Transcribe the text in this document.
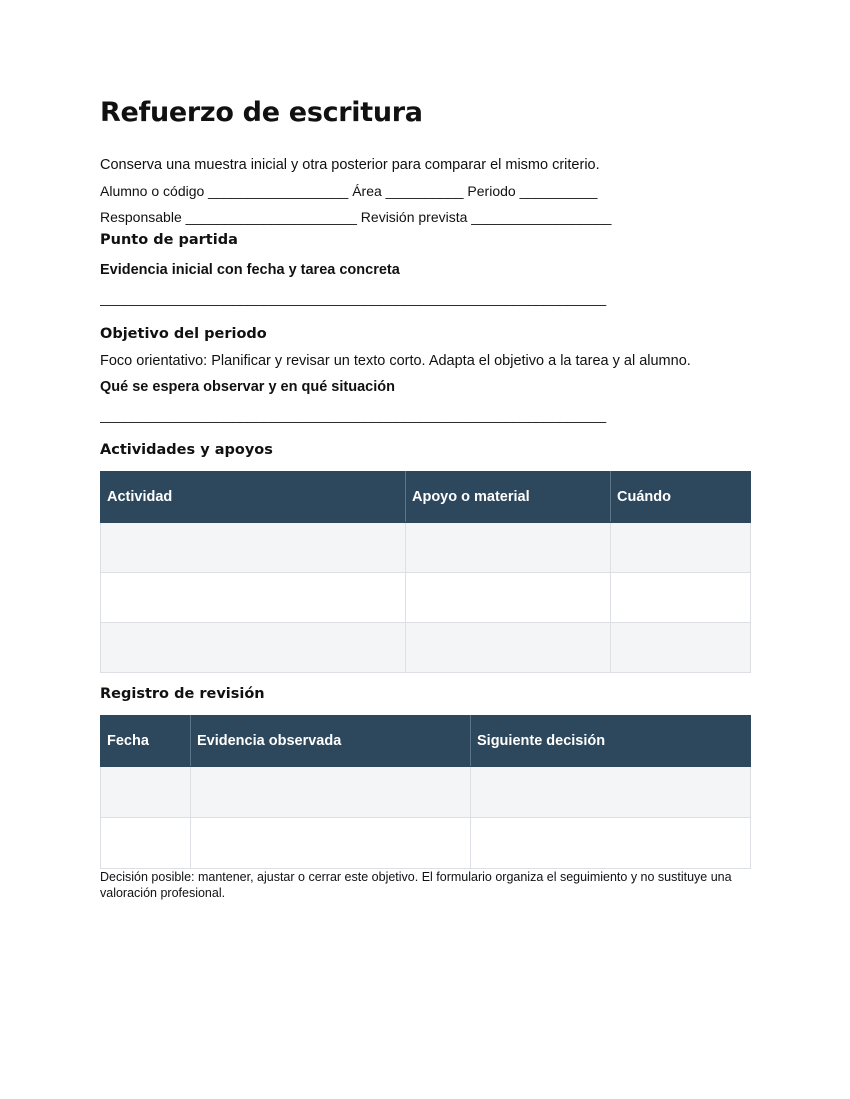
Refuerzo de escritura

Conserva una muestra inicial y otra posterior para comparar el mismo criterio.

Alumno o código __________________ Área __________ Periodo __________
Responsable ______________________ Revisión prevista __________________
Punto de partida
Evidencia inicial con fecha y tarea concreta

_________________________________________________________________

Objetivo del periodo

Foco orientativo: Planificar y revisar un texto corto. Adapta el objetivo a la tarea y al alumno.

Qué se espera observar y en qué situación

_________________________________________________________________

Actividades y apoyos
Actividad	Apoyo o material	Cuándo

Registro de revisión
Fecha	Evidencia observada	Siguiente decisión

Decisión posible: mantener, ajustar o cerrar este objetivo. El formulario organiza el seguimiento y no sustituye una valoración profesional.
